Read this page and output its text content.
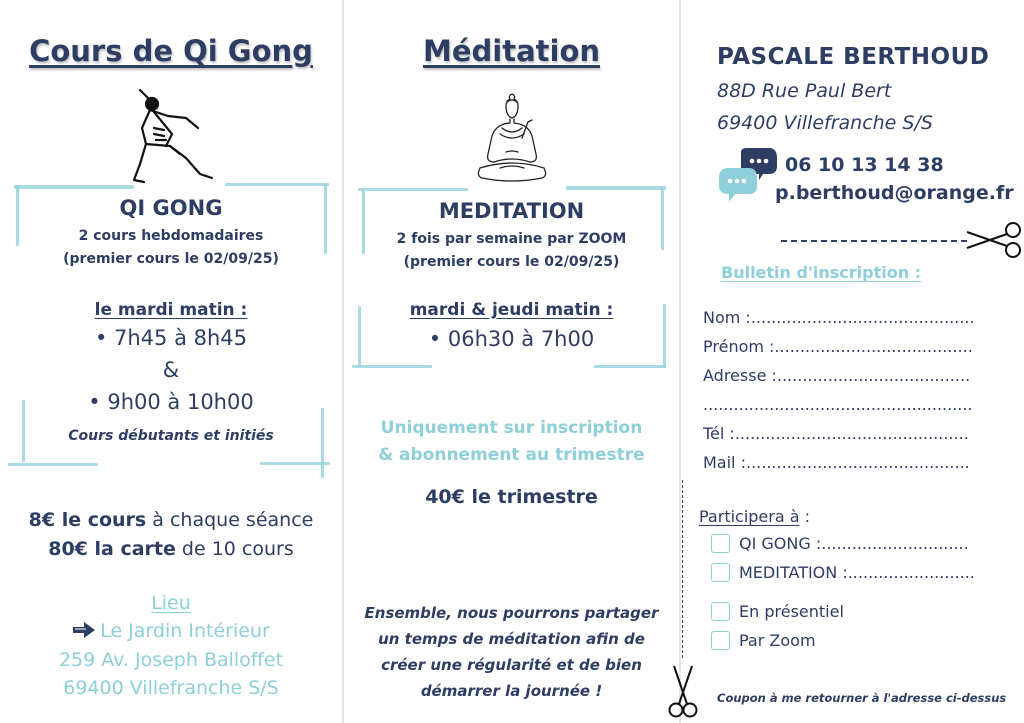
Cours de Qi Gong
QI GONG
2 cours hebdomadaires
(premier cours le 02/09/25)
le mardi matin :
• 7h45 à 8h45
&
• 9h00 à 10h00
Cours débutants et initiés
8€ le cours à chaque séance
80€ la carte de 10 cours
Lieu
Le Jardin Intérieur
259 Av. Joseph Balloffet
69400 Villefranche S/S
Méditation
MEDITATION
2 fois par semaine par ZOOM
(premier cours le 02/09/25)
mardi & jeudi matin :
• 06h30 à 7h00
Uniquement sur inscription
& abonnement au trimestre
40€ le trimestre
Ensemble, nous pourrons partager
un temps de méditation afin de
créer une régularité et de bien
démarrer la journée !
PASCALE BERTHOUD
88D Rue Paul Bert
69400 Villefranche S/S
06 10 13 14 38
p.berthoud@orange.fr
Bulletin d'inscription :
Nom :............................................
Prénom :.......................................
Adresse :......................................
.....................................................
Tél :..............................................
Mail :............................................
Participera à :
QI GONG :.............................
MEDITATION :.........................
En présentiel
Par Zoom
Coupon à me retourner à l'adresse ci-dessus
